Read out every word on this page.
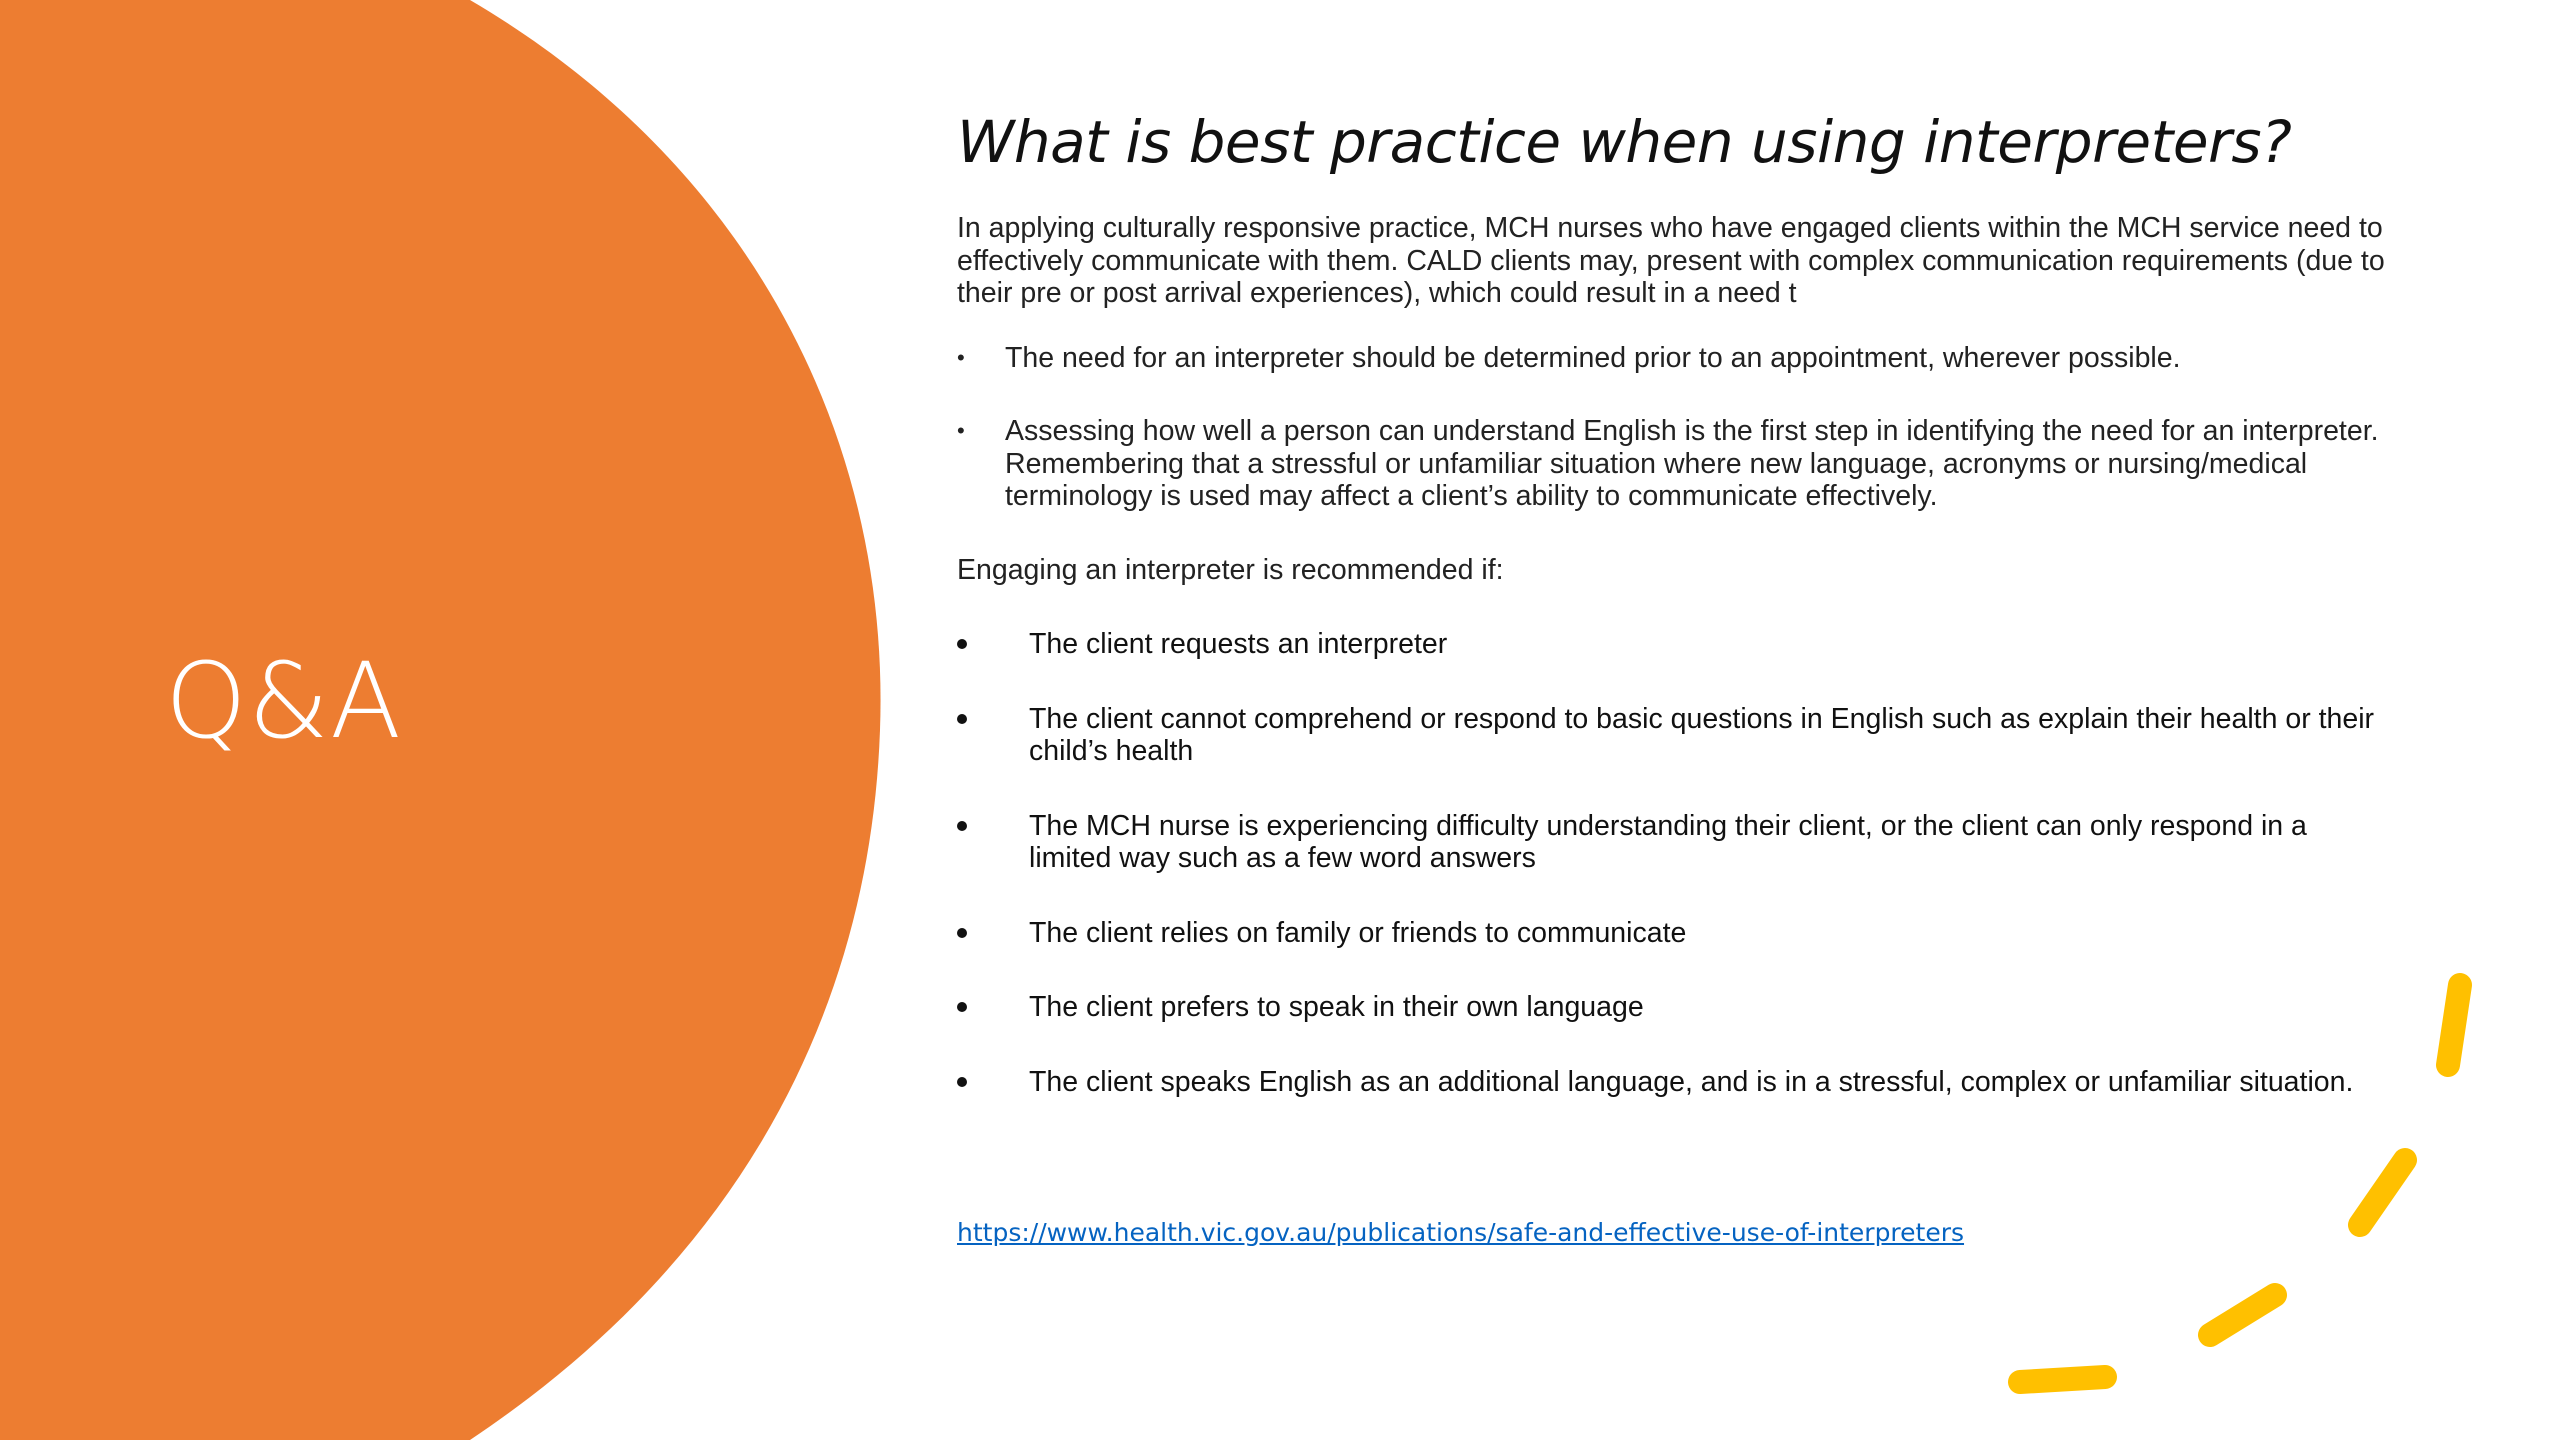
Q&A
What is best practice when using interpreters?

In applying culturally responsive practice, MCH nurses who have engaged clients within the MCH service need to effectively communicate with them. CALD clients may, present with complex communication requirements (due to their pre or post arrival experiences), which could result in a need t

• The need for an interpreter should be determined prior to an appointment, wherever possible.
• Assessing how well a person can understand English is the first step in identifying the need for an interpreter. Remembering that a stressful or unfamiliar situation where new language, acronyms or nursing/medical terminology is used may affect a client’s ability to communicate effectively.

Engaging an interpreter is recommended if:

The client requests an interpreter
The client cannot comprehend or respond to basic questions in English such as explain their health or their child’s health
The MCH nurse is experiencing difficulty understanding their client, or the client can only respond in a limited way such as a few word answers
The client relies on family or friends to communicate
The client prefers to speak in their own language
The client speaks English as an additional language, and is in a stressful, complex or unfamiliar situation.
https://www.health.vic.gov.au/publications/safe-and-effective-use-of-interpreters
